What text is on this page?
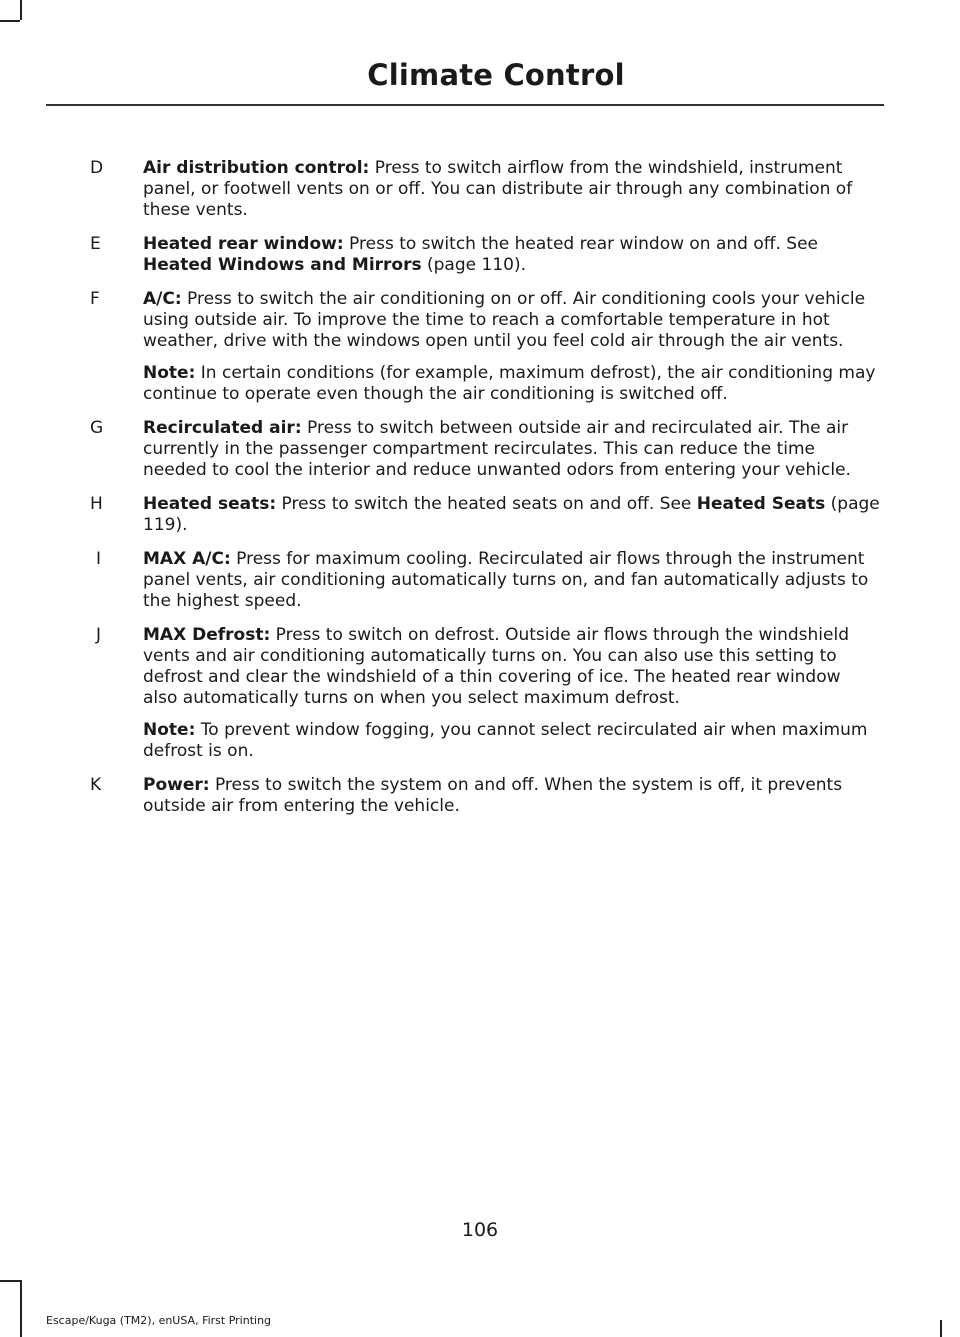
Climate Control
D	Air distribution control: Press to switch airflow from the windshield, instrument panel, or footwell vents on or off. You can distribute air through any combination of these vents.

E	Heated rear window: Press to switch the heated rear window on and off. See Heated Windows and Mirrors (page 110).

F	A/C: Press to switch the air conditioning on or off. Air conditioning cools your vehicle using outside air. To improve the time to reach a comfortable temperature in hot weather, drive with the windows open until you feel cold air through the air vents.

Note: In certain conditions (for example, maximum defrost), the air conditioning may continue to operate even though the air conditioning is switched off.

G	Recirculated air: Press to switch between outside air and recirculated air. The air currently in the passenger compartment recirculates. This can reduce the time needed to cool the interior and reduce unwanted odors from entering your vehicle.

H	Heated seats: Press to switch the heated seats on and off. See Heated Seats (page 119).

I	MAX A/C: Press for maximum cooling. Recirculated air flows through the instrument panel vents, air conditioning automatically turns on, and fan automatically adjusts to the highest speed.

J	MAX Defrost: Press to switch on defrost. Outside air flows through the windshield vents and air conditioning automatically turns on. You can also use this setting to defrost and clear the windshield of a thin covering of ice. The heated rear window also automatically turns on when you select maximum defrost.

Note: To prevent window fogging, you cannot select recirculated air when maximum defrost is on.

K	Power: Press to switch the system on and off. When the system is off, it prevents outside air from entering the vehicle.

106
Escape/Kuga (TM2), enUSA, First Printing
